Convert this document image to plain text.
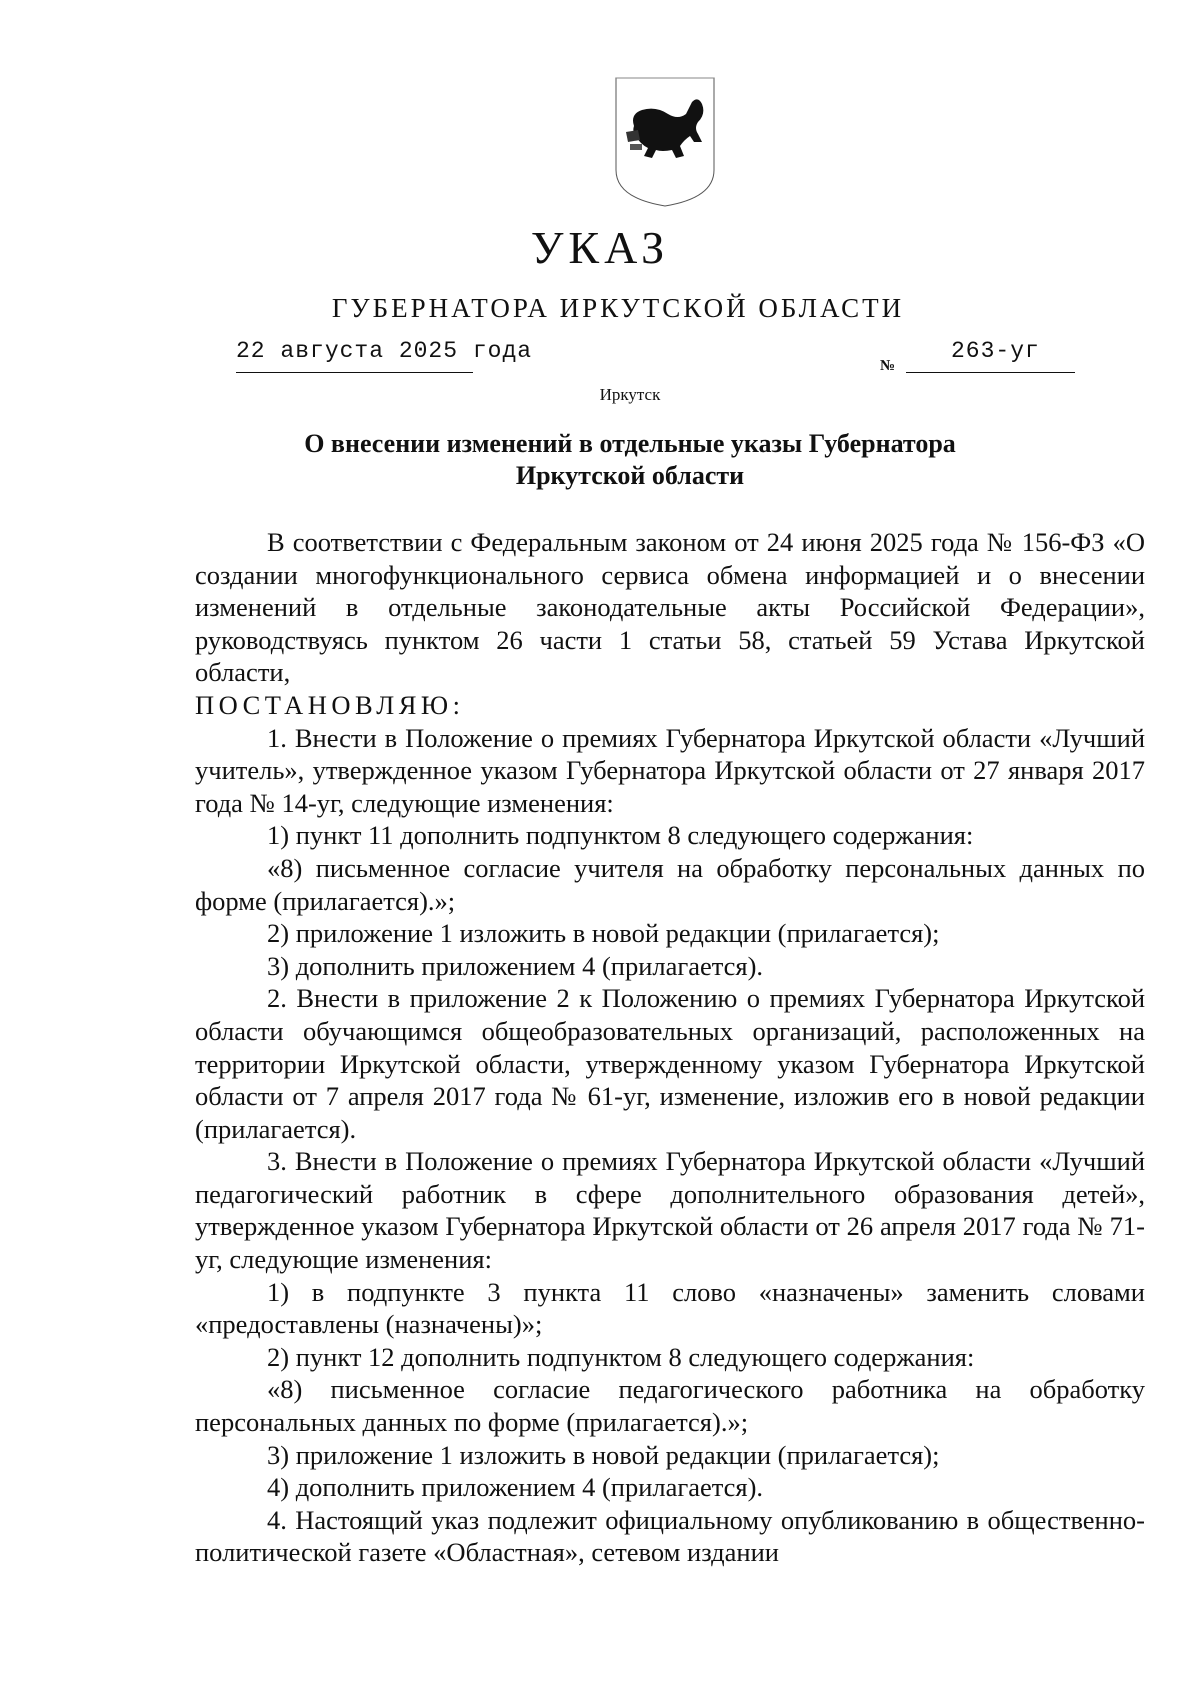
УКАЗ
ГУБЕРНАТОРА ИРКУТСКОЙ ОБЛАСТИ
22 августа 2025 года
№
263-уг
Иркутск
О внесении изменений в отдельные указы Губернатора
Иркутской области

В соответствии с Федеральным законом от 24 июня 2025 года № 156-ФЗ «О создании многофункционального сервиса обмена информацией и о внесении изменений в отдельные законодательные акты Российской Федерации», руководствуясь пунктом 26 части 1 статьи 58, статьей 59 Устава Иркутской области,

ПОСТАНОВЛЯЮ:

1. Внести в Положение о премиях Губернатора Иркутской области «Лучший учитель», утвержденное указом Губернатора Иркутской области от 27 января 2017 года № 14-уг, следующие изменения:

1) пункт 11 дополнить подпунктом 8 следующего содержания:

«8) письменное согласие учителя на обработку персональных данных по форме (прилагается).»;

2) приложение 1 изложить в новой редакции (прилагается);

3) дополнить приложением 4 (прилагается).

2. Внести в приложение 2 к Положению о премиях Губернатора Иркутской области обучающимся общеобразовательных организаций, расположенных на территории Иркутской области, утвержденному указом Губернатора Иркутской области от 7 апреля 2017 года № 61-уг, изменение, изложив его в новой редакции (прилагается).

3. Внести в Положение о премиях Губернатора Иркутской области «Лучший педагогический работник в сфере дополнительного образования детей», утвержденное указом Губернатора Иркутской области от 26 апреля 2017 года № 71-уг, следующие изменения:

1) в подпункте 3 пункта 11 слово «назначены» заменить словами «предоставлены (назначены)»;

2) пункт 12 дополнить подпунктом 8 следующего содержания:

«8) письменное согласие педагогического работника на обработку персональных данных по форме (прилагается).»;

3) приложение 1 изложить в новой редакции (прилагается);

4) дополнить приложением 4 (прилагается).

4. Настоящий указ подлежит официальному опубликованию в общественно-политической газете «Областная», сетевом издании
